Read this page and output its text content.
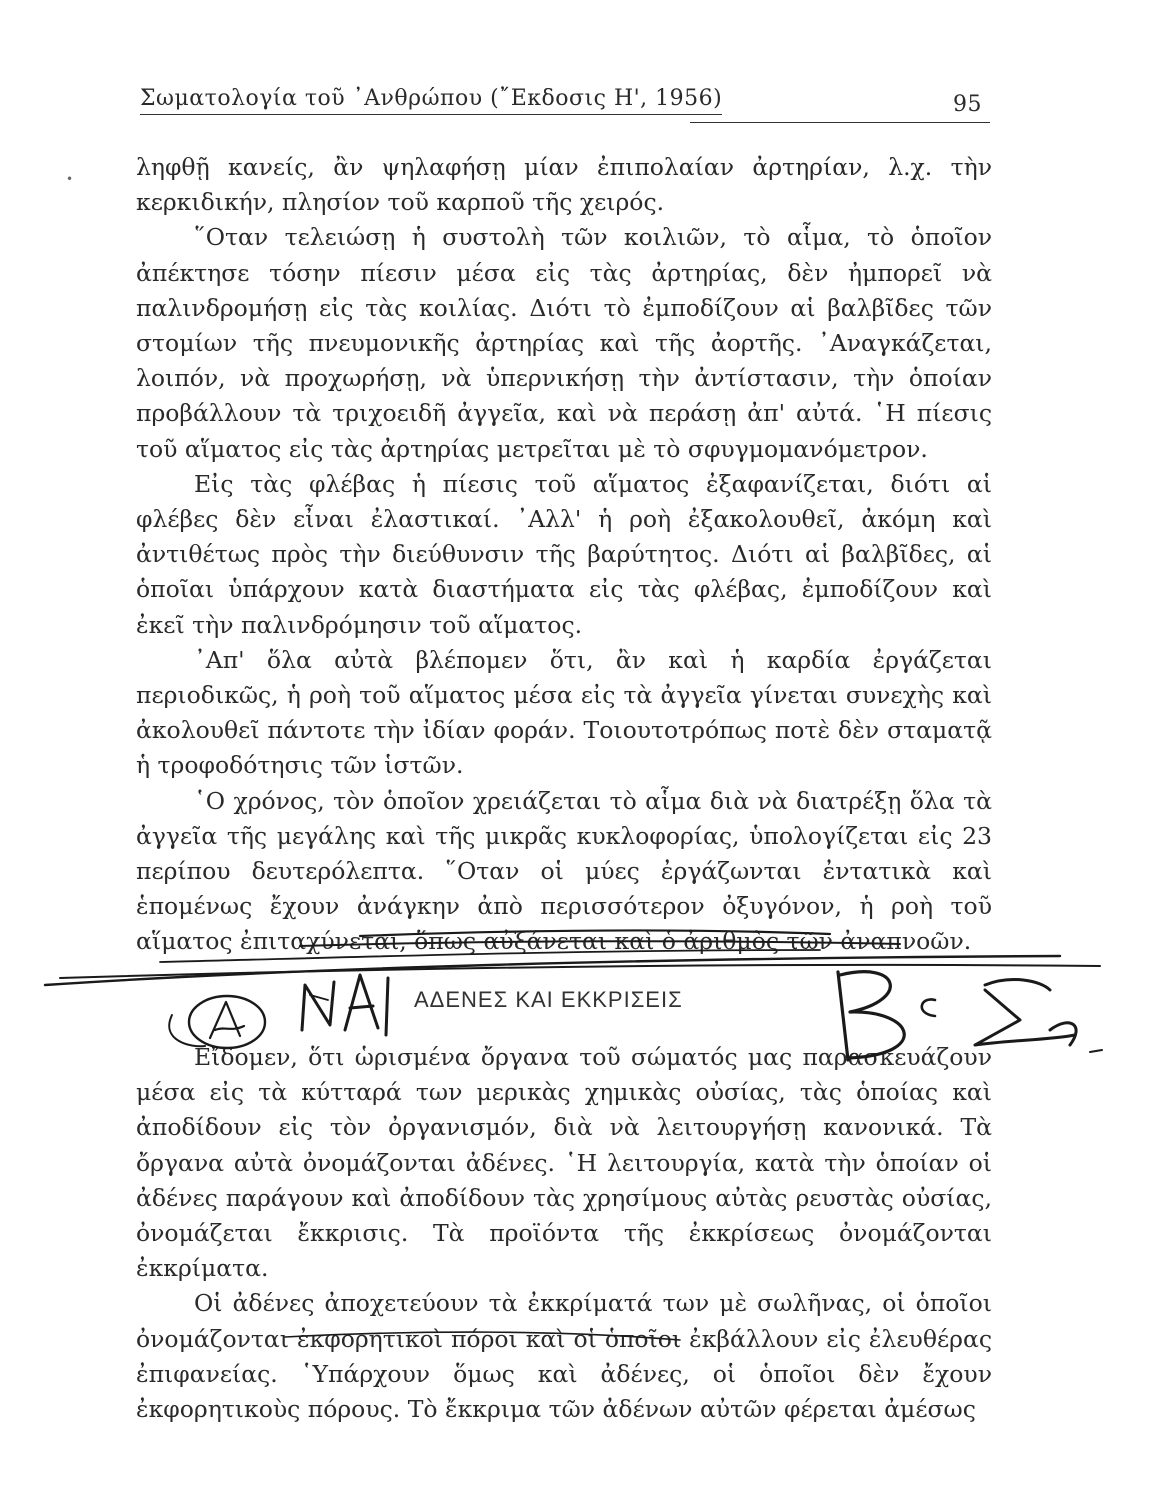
Σωματολογία τοῦ ᾿Ανθρώπου (῎Εκδοσις Η', 1956)	95
•	ληφθῇ κανείς, ἂν ψηλαφήσῃ μίαν ἐπιπολαίαν ἀρτηρίαν, λ.χ. τὴν κερκιδικήν, πλησίον τοῦ καρποῦ τῆς χειρός.

῞Οταν τελειώσῃ ἡ συστολὴ τῶν κοιλιῶν, τὸ αἷμα, τὸ ὁποῖον ἀπέκτησε τόσην πίεσιν μέσα εἰς τὰς ἀρτηρίας, δὲν ἠμπορεῖ νὰ παλινδρομήσῃ εἰς τὰς κοιλίας. Διότι τὸ ἐμποδίζουν αἱ βαλβῖδες τῶν στομίων τῆς πνευμονικῆς ἀρτηρίας καὶ τῆς ἀορτῆς. ᾿Αναγκάζεται, λοιπόν, νὰ προχωρήσῃ, νὰ ὑπερνικήσῃ τὴν ἀντίστασιν, τὴν ὁποίαν προβάλλουν τὰ τριχοειδῆ ἀγγεῖα, καὶ νὰ περάσῃ ἀπ' αὐτά. ῾Η πίεσις τοῦ αἵματος εἰς τὰς ἀρτηρίας μετρεῖται μὲ τὸ σφυγμομανόμετρον.

Εἰς τὰς φλέβας ἡ πίεσις τοῦ αἵματος ἐξαφανίζεται, διότι αἱ φλέβες δὲν εἶναι ἐλαστικαί. ᾿Αλλ' ἡ ροὴ ἐξακολουθεῖ, ἀκόμη καὶ ἀντιθέτως πρὸς τὴν διεύθυνσιν τῆς βαρύτητος. Διότι αἱ βαλβῖδες, αἱ ὁποῖαι ὑπάρχουν κατὰ διαστήματα εἰς τὰς φλέβας, ἐμποδίζουν καὶ ἐκεῖ τὴν παλινδρόμησιν τοῦ αἵματος.

᾿Απ' ὅλα αὐτὰ βλέπομεν ὅτι, ἂν καὶ ἡ καρδία ἐργάζεται περιοδικῶς, ἡ ροὴ τοῦ αἵματος μέσα εἰς τὰ ἀγγεῖα γίνεται συνεχὴς καὶ ἀκολουθεῖ πάντοτε τὴν ἰδίαν φοράν. Τοιουτοτρόπως ποτὲ δὲν σταματᾷ ἡ τροφοδότησις τῶν ἱστῶν.

῾Ο χρόνος, τὸν ὁποῖον χρειάζεται τὸ αἷμα διὰ νὰ διατρέξῃ ὅλα τὰ ἀγγεῖα τῆς μεγάλης καὶ τῆς μικρᾶς κυκλοφορίας, ὑπολογίζεται εἰς 23 περίπου δευτερόλεπτα. ῞Οταν οἱ μύες ἐργάζωνται ἐντατικὰ καὶ ἑπομένως ἔχουν ἀνάγκην ἀπὸ περισσότερον ὀξυγόνον, ἡ ροὴ τοῦ αἵματος ἐπιταχύνεται, ὅπως αὐξάνεται καὶ ὁ ἀριθμὸς τῶν ἀναπνοῶν.

ΑΔΕΝΕΣ ΚΑΙ ΕΚΚΡΙΣΕΙΣ

Εἴδομεν, ὅτι ὡρισμένα ὄργανα τοῦ σώματός μας παρασκευάζουν μέσα εἰς τὰ κύτταρά των μερικὰς χημικὰς οὐσίας, τὰς ὁποίας καὶ ἀποδίδουν εἰς τὸν ὀργανισμόν, διὰ νὰ λειτουργήσῃ κανονικά. Τὰ ὄργανα αὐτὰ ὀνομάζονται ἀδένες. ῾Η λειτουργία, κατὰ τὴν ὁποίαν οἱ ἀδένες παράγουν καὶ ἀποδίδουν τὰς χρησίμους αὐτὰς ρευστὰς οὐσίας, ὀνομάζεται ἔκκρισις. Τὰ προϊόντα τῆς ἐκκρίσεως ὀνομάζονται ἐκκρίματα.

Οἱ ἀδένες ἀποχετεύουν τὰ ἐκκρίματά των μὲ σωλῆνας, οἱ ὁποῖοι ὀνομάζονται ἐκφορητικοὶ πόροι καὶ οἱ ὁποῖοι ἐκβάλλουν εἰς ἐλευθέρας ἐπιφανείας. ῾Υπάρχουν ὅμως καὶ ἀδένες, οἱ ὁποῖοι δὲν ἔχουν ἐκφορητικοὺς πόρους. Τὸ ἔκκριμα τῶν ἀδένων αὐτῶν φέρεται ἀμέσως
